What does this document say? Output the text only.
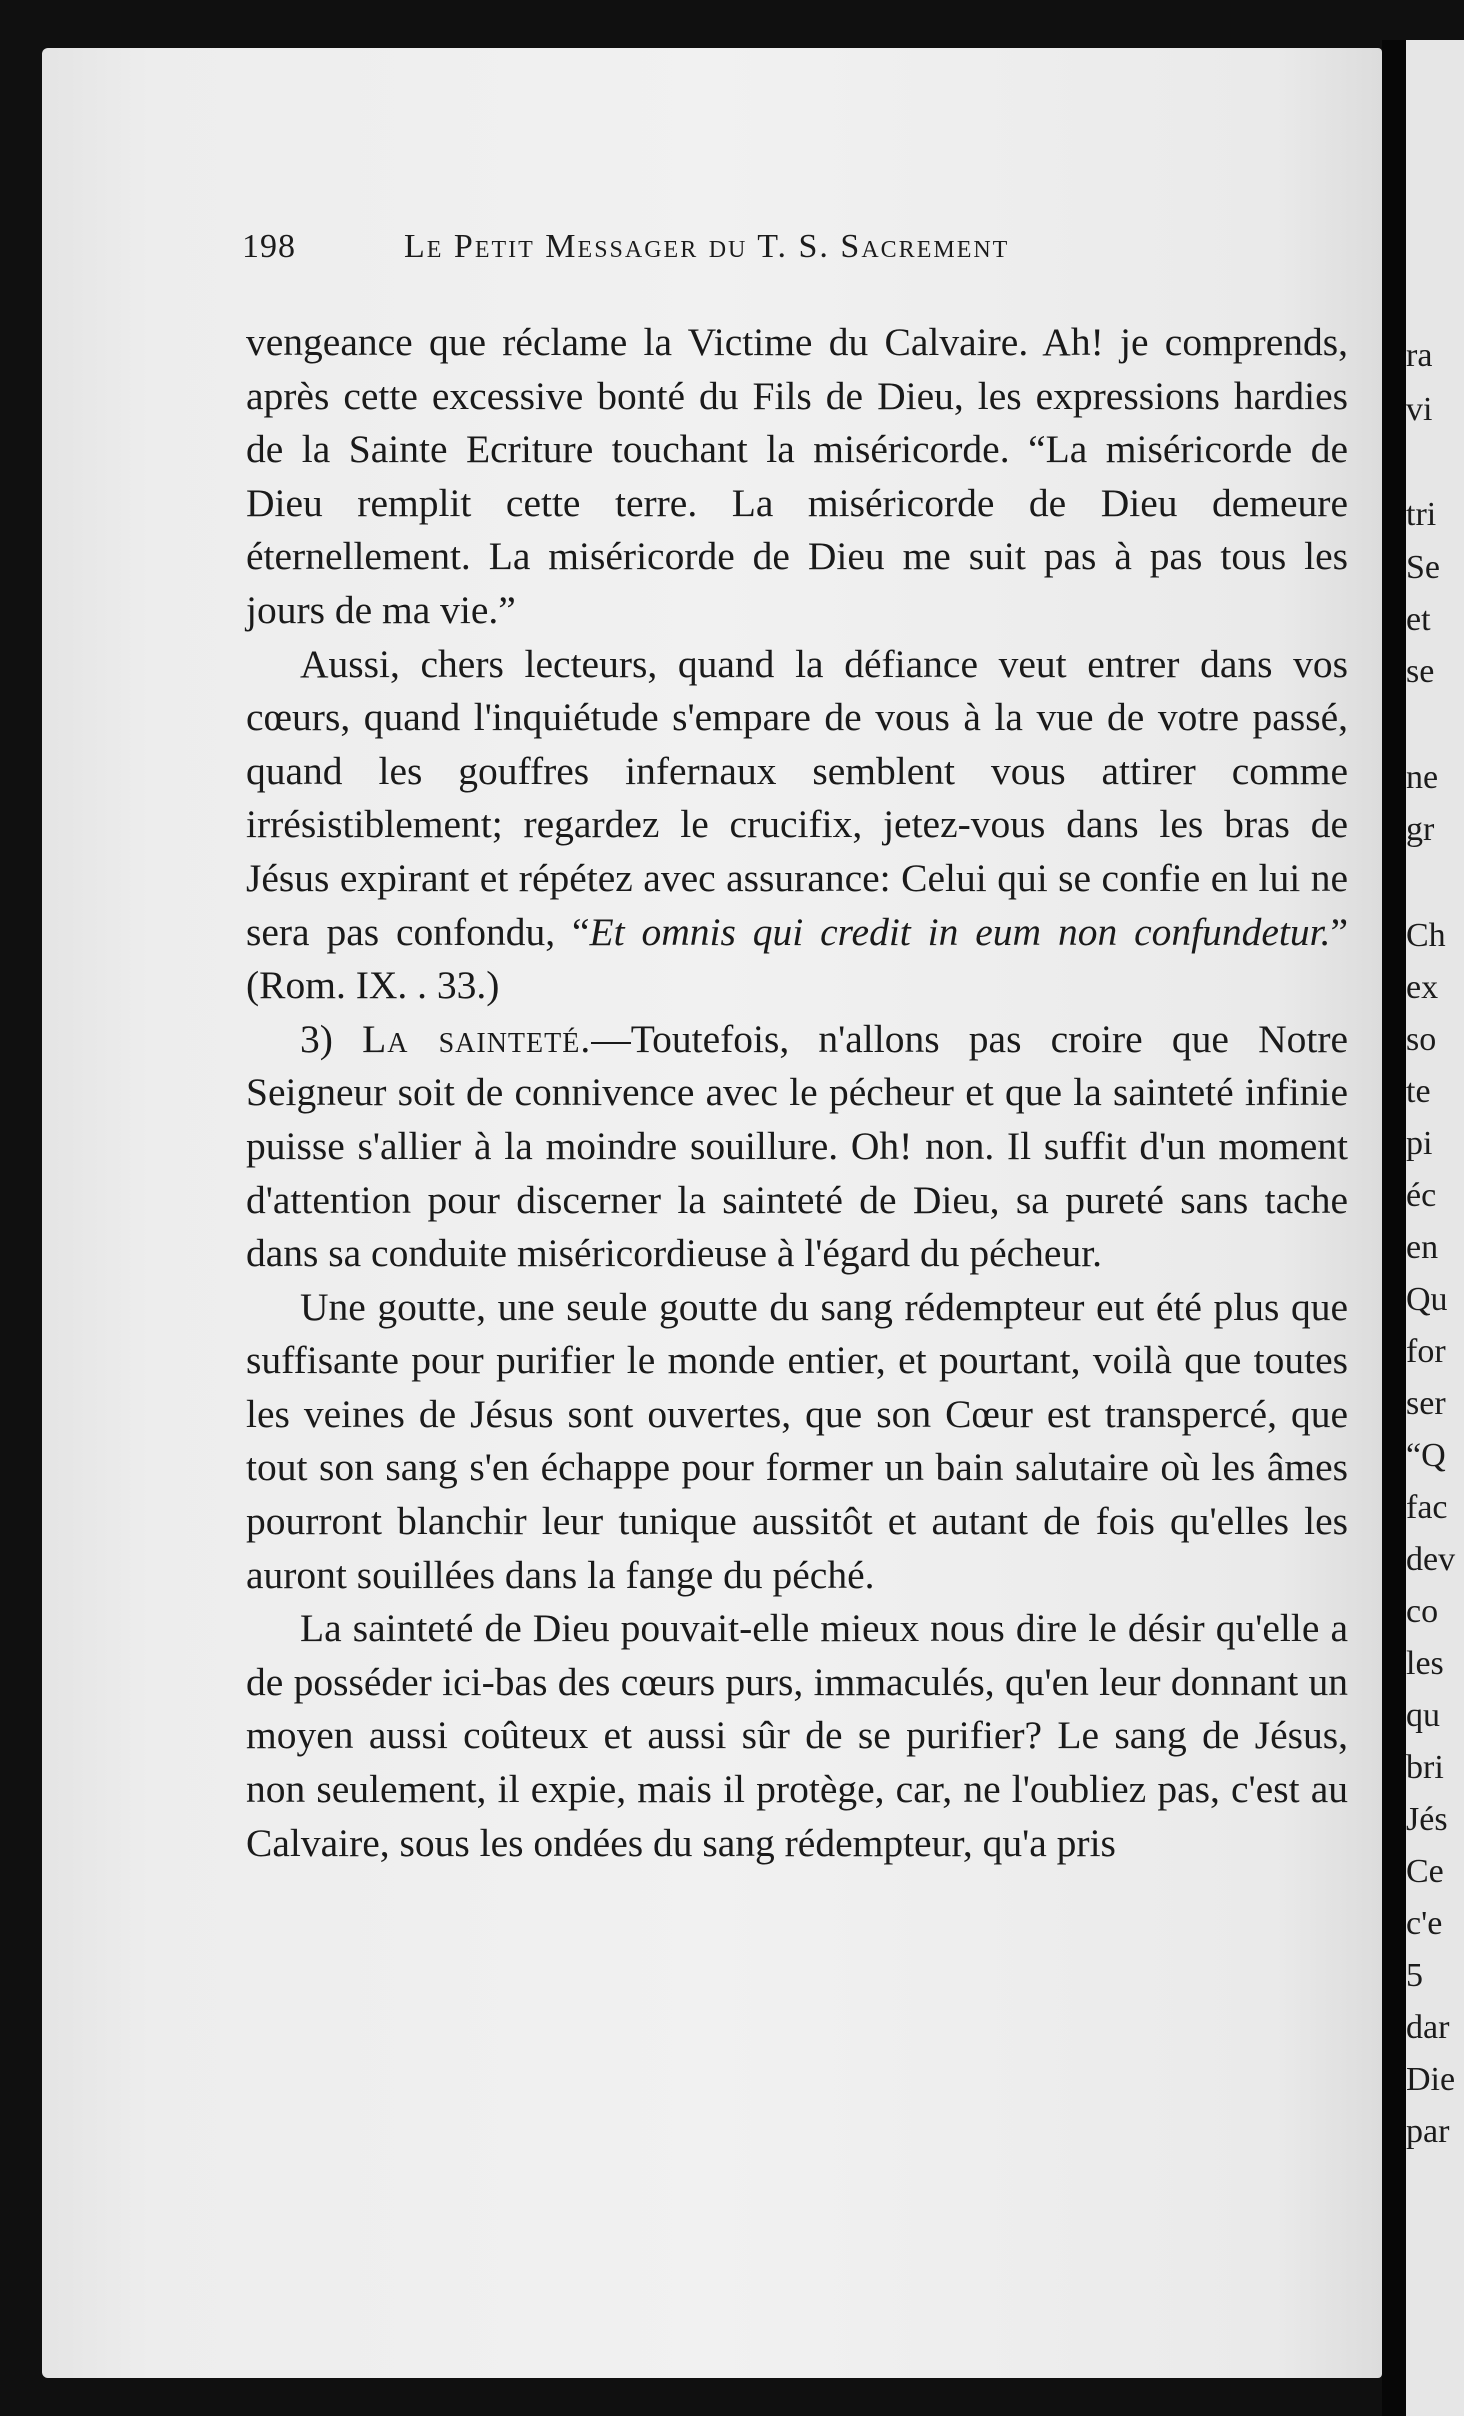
ra
vi
tri
Se
et
se
ne
gr
Ch
ex
so
te
pi
éc
en
Qu
for
ser
“Q
fac
dev
co
les
qu
bri
Jés
Ce
c'e
5
dar
Die
par
198	Le Petit Messager du T. S. Sacrement

vengeance que réclame la Victime du Calvaire. Ah! je comprends, après cette excessive bonté du Fils de Dieu, les expressions hardies de la Sainte Ecriture touchant la miséricorde. “La miséricorde de Dieu remplit cette terre. La miséricorde de Dieu demeure éternellement. La miséricorde de Dieu me suit pas à pas tous les jours de ma vie.”

Aussi, chers lecteurs, quand la défiance veut entrer dans vos cœurs, quand l'inquiétude s'empare de vous à la vue de votre passé, quand les gouffres infernaux semblent vous attirer comme irrésistiblement; regardez le crucifix, jetez-vous dans les bras de Jésus expirant et répétez avec assurance: Celui qui se confie en lui ne sera pas confondu, “Et omnis qui credit in eum non confundetur.” (Rom. IX. . 33.)

3) La sainteté.—Toutefois, n'allons pas croire que Notre Seigneur soit de connivence avec le pécheur et que la sainteté infinie puisse s'allier à la moindre souillure. Oh! non. Il suffit d'un moment d'attention pour discerner la sainteté de Dieu, sa pureté sans tache dans sa conduite miséricordieuse à l'égard du pécheur.

Une goutte, une seule goutte du sang rédempteur eut été plus que suffisante pour purifier le monde entier, et pourtant, voilà que toutes les veines de Jésus sont ouvertes, que son Cœur est transpercé, que tout son sang s'en échappe pour former un bain salutaire où les âmes pourront blanchir leur tunique aussitôt et autant de fois qu'elles les auront souillées dans la fange du péché.

La sainteté de Dieu pouvait-elle mieux nous dire le désir qu'elle a de posséder ici-bas des cœurs purs, immaculés, qu'en leur donnant un moyen aussi coûteux et aussi sûr de se purifier? Le sang de Jésus, non seulement, il expie, mais il protège, car, ne l'oubliez pas, c'est au Calvaire, sous les ondées du sang rédempteur, qu'a pris
